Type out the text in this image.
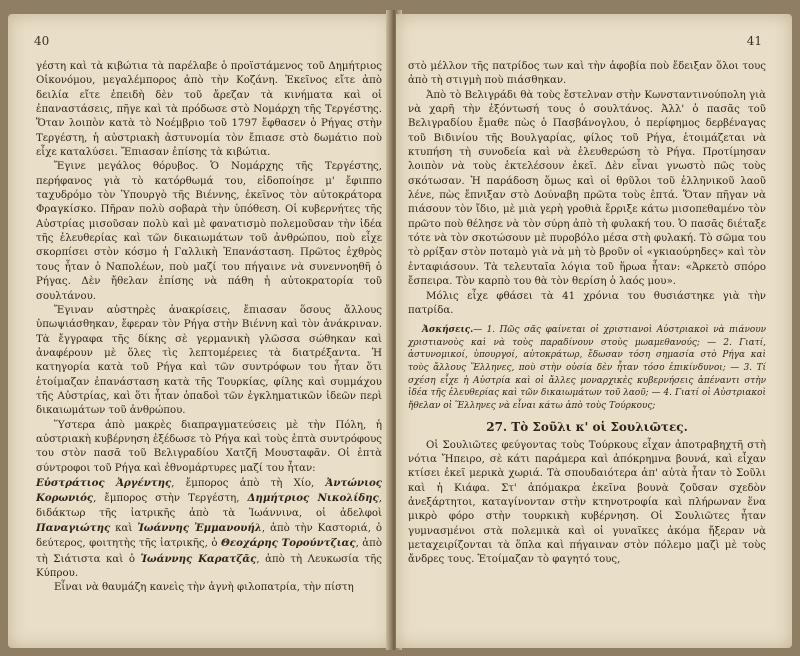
40

γέστη καὶ τὰ κιβώτια τὰ παρέλαβε ὁ προϊστάμενος τοῦ Δημήτριος Οἰκονόμου, μεγαλέμπορος ἀπὸ τὴν Κοζάνη. Ἐκεῖνος εἴτε ἀπὸ δειλία εἴτε ἐπειδὴ δὲν τοῦ ἄρεζαν τὰ κινήματα καὶ οἱ ἐπαναστάσεις, πῆγε καὶ τὰ πρόδωσε στὸ Νομάρχη τῆς Τεργέστης. Ὅταν λοιπὸν κατὰ τὸ Νοέμβριο τοῦ 1797 ἔφθασεν ὁ Ρήγας στὴν Τεργέστη, ἡ αὐστριακὴ ἀστυνομία τὸν ἔπιασε στὸ δωμάτιο ποὺ εἶχε καταλύσει. Ἔπιασαν ἐπίσης τὰ κιβώτια.

Ἔγινε μεγάλος θόρυβος. Ὁ Νομάρχης τῆς Τεργέστης, περήφανος γιὰ τὸ κατόρθωμά του, εἰδοποίησε μ' ἔφιππο ταχυδρόμο τὸν Ὑπουργὸ τῆς Βιέννης, ἐκεῖνος τὸν αὐτοκράτορα Φραγκίσκο. Πῆραν πολὺ σοβαρὰ τὴν ὑπόθεση. Οἱ κυβερνήτες τῆς Αὐστρίας μισοῦσαν πολὺ καὶ μὲ φανατισμὸ πολεμοῦσαν τὴν ἰδέα τῆς ἐλευθερίας καὶ τῶν δικαιωμάτων τοῦ ἀνθρώπου, ποὺ εἶχε σκορπίσει στὸν κόσμο ἡ Γαλλικὴ Ἐπανάσταση. Πρῶτος ἐχθρὸς τους ἦταν ὁ Ναπολέων, ποὺ μαζί του πήγαινε νὰ συνεννοηθῆ ὁ Ρήγας. Δὲν ἤθελαν ἐπίσης νὰ πάθη ἡ αὐτοκρατορία τοῦ σουλτάνου.

Ἔγιναν αὐστηρὲς ἀνακρίσεις, ἔπιασαν ὅσους ἄλλους ὑπωψιάσθηκαν, ἔφεραν τὸν Ρήγα στὴν Βιέννη καὶ τὸν ἀνάκριναν. Τὰ ἔγγραφα τῆς δίκης σὲ γερμανικὴ γλῶσσα σώθηκαν καὶ ἀναφέρουν μὲ ὅλες τὶς λεπτομέρειες τὰ διατρέξαντα. Ἡ κατηγορία κατὰ τοῦ Ρήγα καὶ τῶν συντρόφων του ἦταν ὅτι ἑτοίμαζαν ἐπανάσταση κατὰ τῆς Τουρκίας, φίλης καὶ συμμάχου τῆς Αὐστρίας, καὶ ὅτι ἦταν ὀπαδοὶ τῶν ἐγκληματικῶν ἰδεῶν περὶ δικαιωμάτων τοῦ ἀνθρώπου.

Ὕστερα ἀπὸ μακρὲς διαπραγματεύσεις μὲ τὴν Πόλη, ἡ αὐστριακὴ κυβέρνηση ἐξέδωσε τὸ Ρήγα καὶ τοὺς ἑπτὰ συντρόφους του στὸν πασᾶ τοῦ Βελιγραδίου Χατζῆ Μουσταφᾶν. Οἱ ἑπτὰ σύντροφοι τοῦ Ρήγα καὶ ἐθνομάρτυρες μαζί του ἦταν:

Εὐστράτιος Ἀργέντης, ἔμπορος ἀπὸ τὴ Χίο, Ἀντώνιος Κορωνιός, ἔμπορος στὴν Τεργέστη, Δημήτριος Νικολίδης, διδάκτωρ τῆς ἰατρικῆς ἀπὸ τὰ Ἰωάννινα, οἱ ἀδελφοὶ Παναγιώτης καὶ Ἰωάννης Ἐμμανουήλ, ἀπὸ τὴν Καστοριά, ὁ δεύτερος, φοιτητὴς τῆς ἰατρικῆς, ὁ Θεοχάρης Τορούντζιας, ἀπὸ τὴ Σιάτιστα καὶ ὁ Ἰωάννης Καρατζᾶς, ἀπὸ τὴ Λευκωσία τῆς Κύπρου.

Εἶναι νὰ θαυμάζη κανεὶς τὴν ἁγνὴ φιλοπατρία, τὴν πίστη

41

στὸ μέλλον τῆς πατρίδος των καὶ τὴν ἀφοβία ποὺ ἔδειξαν ὅλοι τους ἀπὸ τὴ στιγμὴ ποὺ πιάσθηκαν.

Ἀπὸ τὸ Βελιγράδι θὰ τοὺς ἔστελναν στὴν Κωνσταντινούπολη γιὰ νὰ χαρῆ τὴν ἐξόντωσή τους ὁ σουλτάνος. Ἀλλ' ὁ πασᾶς τοῦ Βελιγραδίου ἔμαθε πὼς ὁ Πασβάνογλου, ὁ περίφημος δερβέναγας τοῦ Βιδινίου τῆς Βουλγαρίας, φίλος τοῦ Ρήγα, ἑτοιμάζεται νὰ κτυπήση τὴ συνοδεία καὶ νὰ ἐλευθερώση τὸ Ρήγα. Προτίμησαν λοιπὸν νὰ τοὺς ἐκτελέσουν ἐκεῖ. Δὲν εἶναι γνωστὸ πῶς τοὺς σκότωσαν. Ἡ παράδοση ὅμως καὶ οἱ θρῦλοι τοῦ ἑλληνικοῦ λαοῦ λένε, πὼς ἔπνιξαν στὸ Δούναβη πρῶτα τοὺς ἑπτά. Ὅταν πῆγαν νὰ πιάσουν τὸν ἴδιο, μὲ μιὰ γερὴ γροθιὰ ἔρριξε κάτω μισοπεθαμένο τὸν πρῶτο ποὺ θέλησε νὰ τὸν σύρη ἀπὸ τὴ φυλακή του. Ὁ πασᾶς διέταξε τότε νὰ τὸν σκοτώσουν μὲ πυροβόλο μέσα στὴ φυλακή. Τὸ σῶμα του τὸ ρρίξαν στὸν ποταμὸ γιὰ νὰ μὴ τὸ βροῦν οἱ «γκιαούρηδες» καὶ τὸν ἐνταφιάσουν. Τὰ τελευταῖα λόγια τοῦ ἥρωα ἦταν: «Ἀρκετὸ σπόρο ἔσπειρα. Τὸν καρπὸ του θὰ τὸν θερίση ὁ λαός μου».

Μόλις εἶχε φθάσει τὰ 41 χρόνια του θυσιάστηκε γιὰ τὴν πατρίδα.

Ἀσκήσεις.— 1. Πῶς σᾶς φαίνεται οἱ χριστιανοὶ Αὐστριακοὶ νὰ πιάνουν χριστιανοὺς καὶ νὰ τοὺς παραδίνουν στοὺς μωαμεθανούς; — 2. Γιατί, ἀστυνομικοί, ὑπουργοί, αὐτοκράτωρ, ἔδωσαν τόση σημασία στὸ Ρήγα καὶ τοὺς ἄλλους Ἕλληνες, ποὺ στὴν οὐσία δὲν ἦταν τόσο ἐπικίνδυνοι; — 3. Τί σχέση εἶχε ἡ Αὐστρία καὶ οἱ ἄλλες μοναρχικὲς κυβερνήσεις ἀπέναντι στὴν ἰδέα τῆς ἐλευθερίας καὶ τῶν δικαιωμάτων τοῦ λαοῦ; — 4. Γιατί οἱ Αὐστριακοὶ ἤθελαν οἱ Ἕλληνες νὰ εἶναι κάτω ἀπὸ τοὺς Τούρκους;

27. Τὸ Σοῦλι κ' οἱ Σουλιῶτες.

Οἱ Σουλιῶτες φεύγοντας τοὺς Τούρκους εἶχαν ἀποτραβηχτῆ στὴ νότια Ἤπειρο, σὲ κάτι παράμερα καὶ ἀπόκρημνα βουνά, καὶ εἶχαν κτίσει ἐκεῖ μερικὰ χωριά. Τὰ σπουδαιότερα ἀπ' αὐτὰ ἦταν τὸ Σοῦλι καὶ ἡ Κιάφα. Στ' ἀπόμακρα ἐκεῖνα βουνὰ ζοῦσαν σχεδὸν ἀνεξάρτητοι, καταγίνονταν στὴν κτηνοτροφία καὶ πλήρωναν ἕνα μικρὸ φόρο στὴν τουρκικὴ κυβέρνηση. Οἱ Σουλιῶτες ἦταν γυμνασμένοι στὰ πολεμικὰ καὶ οἱ γυναῖκες ἀκόμα ἤξεραν νὰ μεταχειρίζονται τὰ ὅπλα καὶ πήγαιναν στὸν πόλεμο μαζὶ μὲ τοὺς ἄνδρες τους. Ἑτοίμαζαν τὸ φαγητό τους,
